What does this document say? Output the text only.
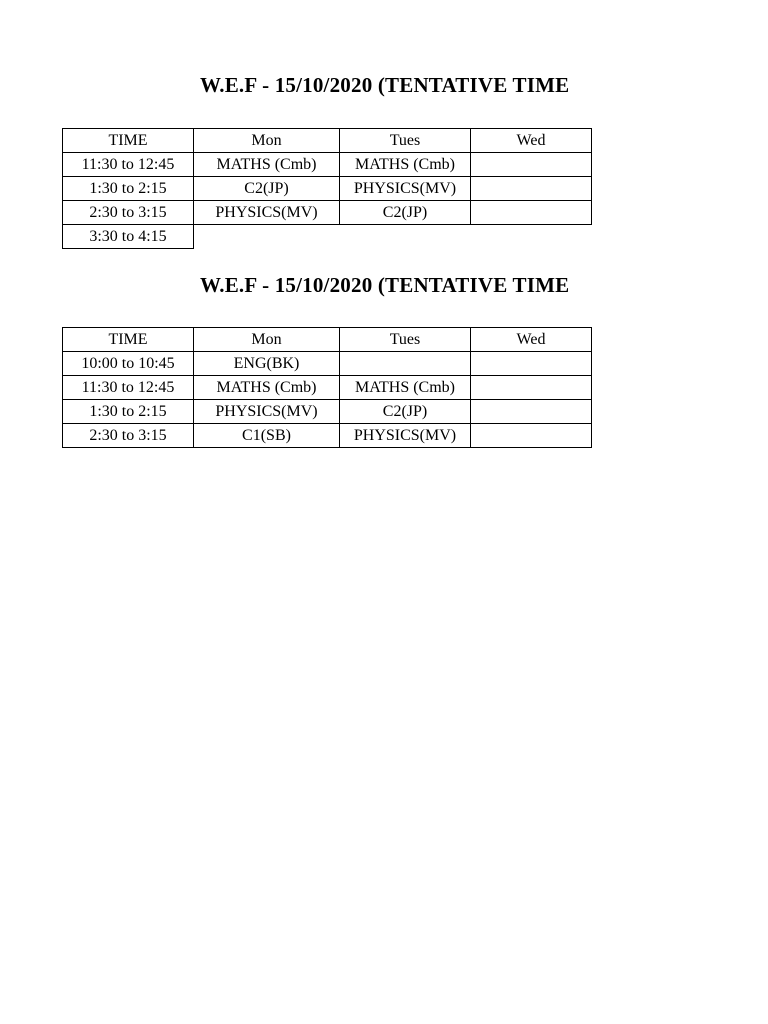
W.E.F - 15/10/2020 (TENTATIVE TIME
TIME	Mon	Tues	Wed
11:30 to 12:45	MATHS (Cmb)	MATHS (Cmb)	
1:30 to 2:15	C2(JP)	PHYSICS(MV)	
2:30 to 3:15	PHYSICS(MV)	C2(JP)	
3:30 to 4:15			
W.E.F - 15/10/2020 (TENTATIVE TIME
TIME	Mon	Tues	Wed
10:00 to 10:45	ENG(BK)		
11:30 to 12:45	MATHS (Cmb)	MATHS (Cmb)	
1:30 to 2:15	PHYSICS(MV)	C2(JP)	
2:30 to 3:15	C1(SB)	PHYSICS(MV)	
